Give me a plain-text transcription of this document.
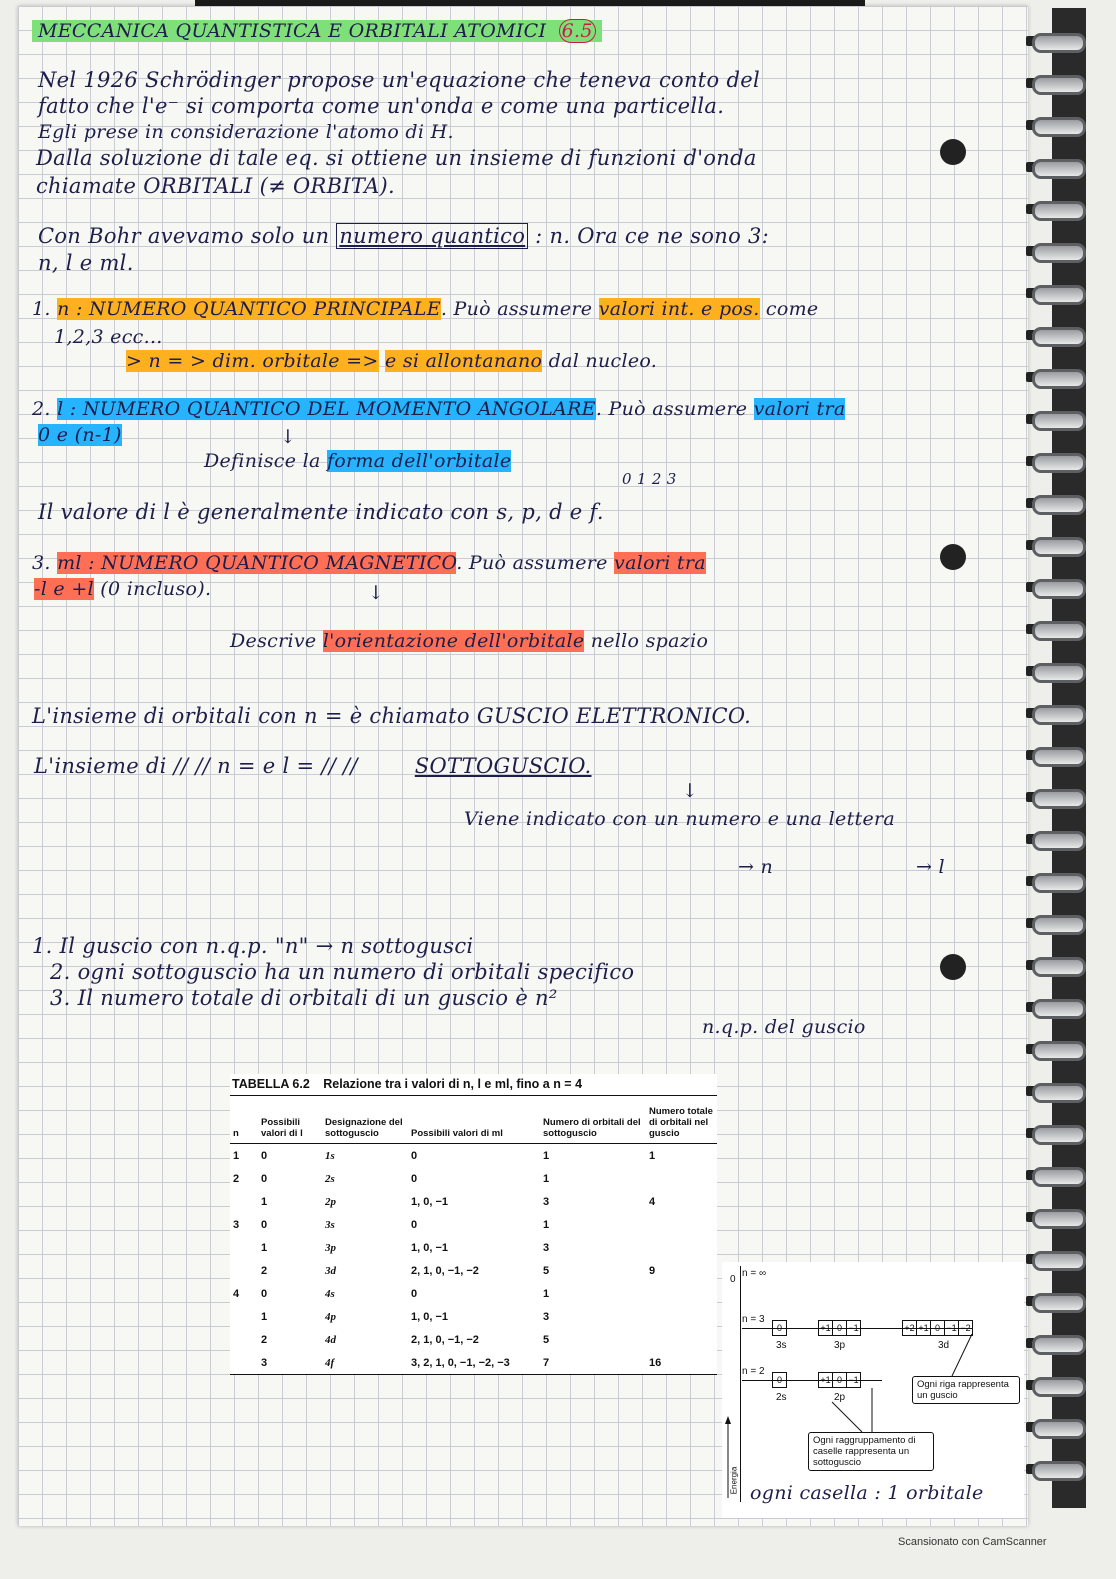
MECCANICA QUANTISTICA E ORBITALI ATOMICI 6.5
Nel 1926 Schrödinger propose un'equazione che teneva conto del
fatto che l'e⁻ si comporta come un'onda e come una particella.
Egli prese in considerazione l'atomo di H.
Dalla soluzione di tale eq. si ottiene un insieme di funzioni d'onda
chiamate ORBITALI (≠ ORBITA).
Con Bohr avevamo solo un numero quantico : n. Ora ce ne sono 3:
n, l e ml.
1. n : NUMERO QUANTICO PRINCIPALE. Può assumere valori int. e pos. come
1,2,3 ecc...
> n = > dim. orbitale => e si allontanano dal nucleo.
2. l : NUMERO QUANTICO DEL MOMENTO ANGOLARE. Può assumere valori tra
0 e (n-1)	↓
Definisce la forma dell'orbitale
0 1 2 3
Il valore di l è generalmente indicato con s, p, d e f.
3. ml : NUMERO QUANTICO MAGNETICO. Può assumere valori tra
-l e +l (0 incluso).	↓
Descrive l'orientazione dell'orbitale nello spazio
L'insieme di orbitali con n = è chiamato GUSCIO ELETTRONICO.
L'insieme di // // n = e l = // //	SOTTOGUSCIO.
↓
Viene indicato con un numero e una lettera
→ n	→ l
1. Il guscio con n.q.p. "n" → n sottogusci
2. ogni sottoguscio ha un numero di orbitali specifico
3. Il numero totale di orbitali di un guscio è n²
n.q.p. del guscio
TABELLA 6.2 Relazione tra i valori di n, l e ml, fino a n = 4
n	Possibili valori di l	Designazione del sottoguscio	Possibili valori di ml	Numero di orbitali del sottoguscio	Numero totale di orbitali nel guscio
1	0	1s	0	1	1
2	0	2s	0	1	
	1	2p	1, 0, −1	3	4
3	0	3s	0	1	
	1	3p	1, 0, −1	3	
	2	3d	2, 1, 0, −1, −2	5	9
4	0	4s	0	1	
	1	4p	1, 0, −1	3	
	2	4d	2, 1, 0, −1, −2	5	
	3	4f	3, 2, 1, 0, −1, −2, −3	7	16
0
n = ∞
n = 3
n = 2
0	+1 0 −1	+2 +1 0 −1 −2
3s	3p	3d
0	+1 0 −1
2s	2p
Ogni riga rappresenta un guscio
Ogni raggruppamento di caselle rappresenta un sottoguscio
Energia ogni casella : 1 orbitale
Scansionato con CamScanner
